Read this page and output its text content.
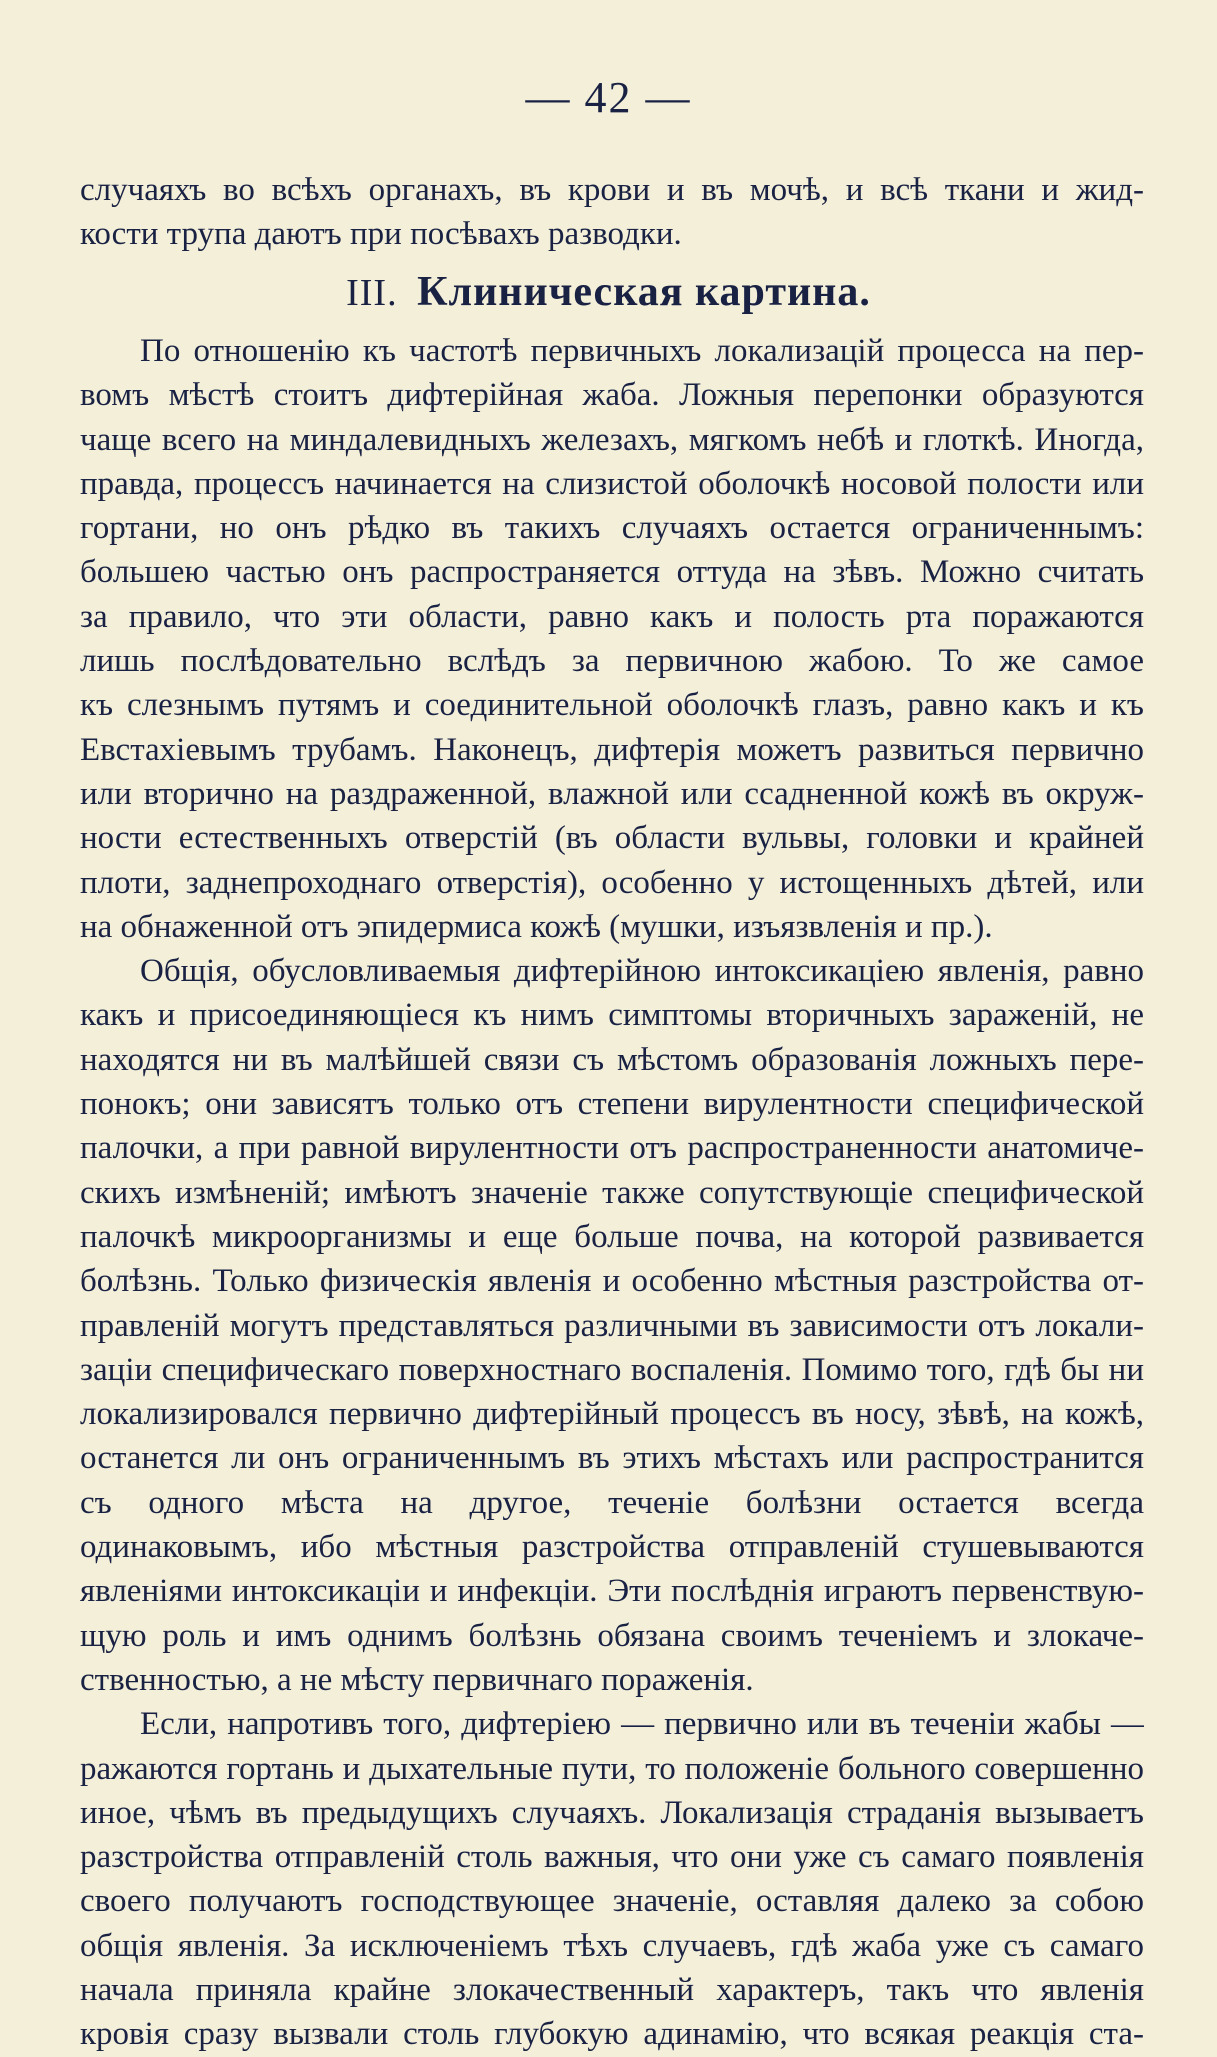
— 42 —
случаяхъ во всѣхъ органахъ, въ крови и въ мочѣ, и всѣ ткани и жид-
кости трупа даютъ при посѣвахъ разводки.
III. Клиническая картина.
По отношенію къ частотѣ первичныхъ локализацій процесса на пер-
вомъ мѣстѣ стоитъ дифтерійная жаба. Ложныя перепонки образуются
чаще всего на миндалевидныхъ железахъ, мягкомъ небѣ и глоткѣ. Иногда,
правда, процессъ начинается на слизистой оболочкѣ носовой полости или
гортани, но онъ рѣдко въ такихъ случаяхъ остается ограниченнымъ:
большею частью онъ распространяется оттуда на зѣвъ. Можно считать
за правило, что эти области, равно какъ и полость рта поражаются
лишь послѣдовательно вслѣдъ за первичною жабою. То же самое
къ слезнымъ путямъ и соединительной оболочкѣ глазъ, равно какъ и къ
Евстахіевымъ трубамъ. Наконецъ, дифтерія можетъ развиться первично
или вторично на раздраженной, влажной или ссадненной кожѣ въ окруж-
ности естественныхъ отверстій (въ области вульвы, головки и крайней
плоти, заднепроходнаго отверстія), особенно у истощенныхъ дѣтей, или
на обнаженной отъ эпидермиса кожѣ (мушки, изъязвленія и пр.).
Общія, обусловливаемыя дифтерійною интоксикаціею явленія, равно
какъ и присоединяющіеся къ нимъ симптомы вторичныхъ зараженій, не
находятся ни въ малѣйшей связи съ мѣстомъ образованія ложныхъ пере-
понокъ; они зависятъ только отъ степени вирулентности специфической
палочки, а при равной вирулентности отъ распространенности анатомиче-
скихъ измѣненій; имѣютъ значеніе также сопутствующіе специфической
палочкѣ микроорганизмы и еще больше почва, на которой развивается
болѣзнь. Только физическія явленія и особенно мѣстныя разстройства от-
правленій могутъ представляться различными въ зависимости отъ локали-
заціи специфическаго поверхностнаго воспаленія. Помимо того, гдѣ бы ни
локализировался первично дифтерійный процессъ въ носу, зѣвѣ, на кожѣ,
останется ли онъ ограниченнымъ въ этихъ мѣстахъ или распространится
съ одного мѣста на другое, теченіе болѣзни остается всегда
одинаковымъ, ибо мѣстныя разстройства отправленій стушевываются
явленіями интоксикаціи и инфекціи. Эти послѣднія играютъ первенствую-
щую роль и имъ однимъ болѣзнь обязана своимъ теченіемъ и злокаче-
ственностью, а не мѣсту первичнаго пораженія.
Если, напротивъ того, дифтеріею — первично или въ теченіи жабы —
ражаются гортань и дыхательные пути, то положеніе больного совершенно
иное, чѣмъ въ предыдущихъ случаяхъ. Локализація страданія вызываетъ
разстройства отправленій столь важныя, что они уже съ самаго появленія
своего получаютъ господствующее значеніе, оставляя далеко за собою
общія явленія. За исключеніемъ тѣхъ случаевъ, гдѣ жаба уже съ самаго
начала приняла крайне злокачественный характеръ, такъ что явленія
кровія сразу вызвали столь глубокую адинамію, что всякая реакція ста-
